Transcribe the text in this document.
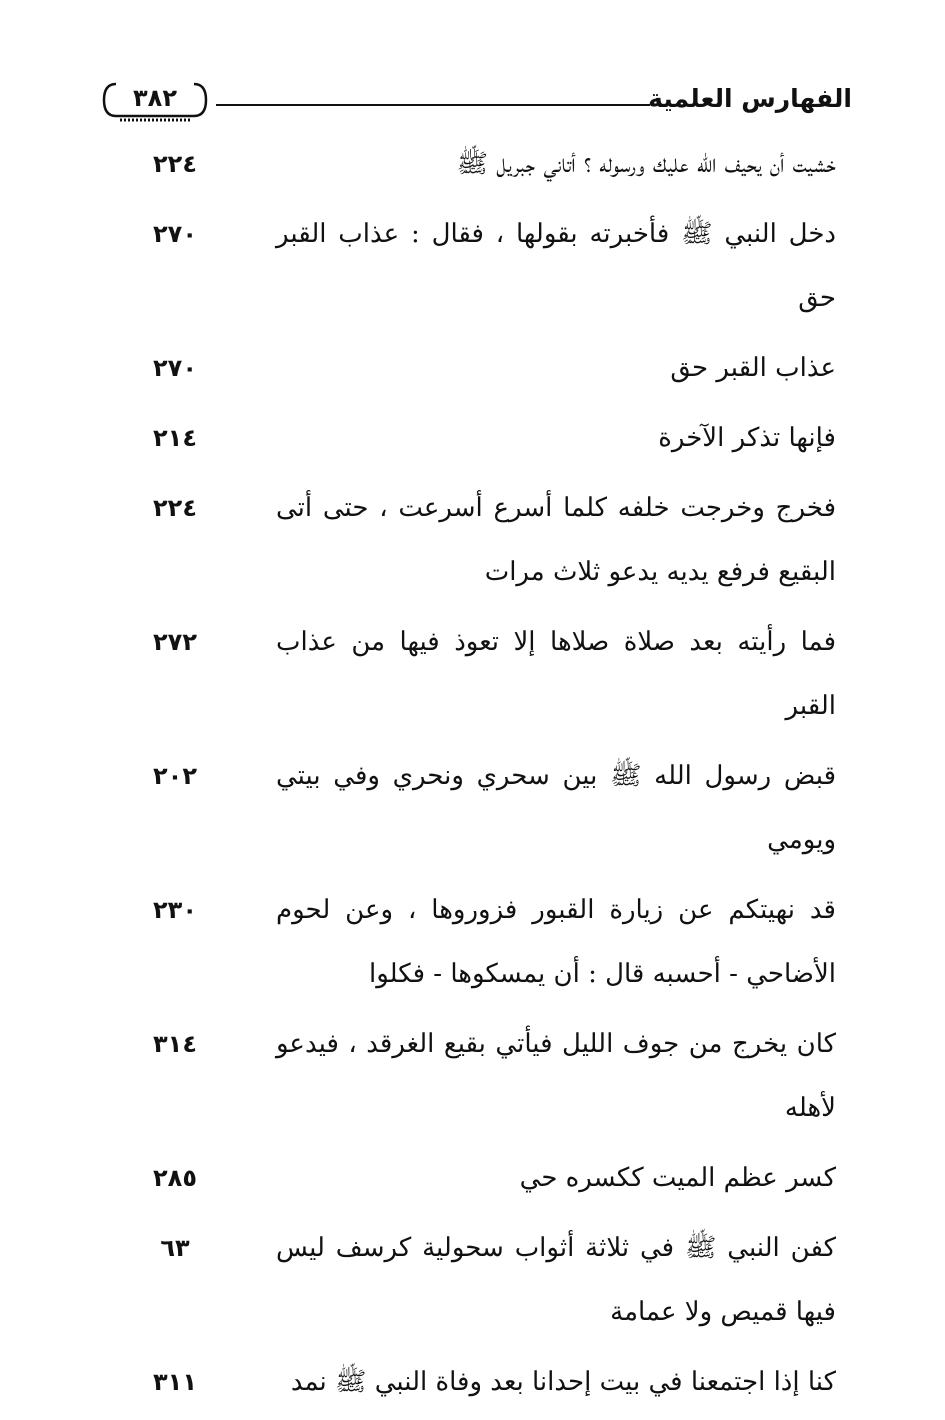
الفهارس العلمية
٣٨٢
خشيت أن يحيف الله عليك ورسوله ؟ أتاني جبريل ﷺ
٢٢٤
دخل النبي ﷺ فأخبرته بقولها ، فقال : عذاب القبر حق
٢٧٠
عذاب القبر حق
٢٧٠
فإنها تذكر الآخرة
٢١٤
فخرج وخرجت خلفه كلما أسرع أسرعت ، حتى أتى البقيع فرفع يديه يدعو ثلاث مرات
٢٢٤
فما رأيته بعد صلاة صلاها إلا تعوذ فيها من عذاب القبر
٢٧٢
قبض رسول الله ﷺ بين سحري ونحري وفي بيتي ويومي
٢٠٢
قد نهيتكم عن زيارة القبور فزوروها ، وعن لحوم الأضاحي - أحسبه قال : أن يمسكوها - فكلوا
٢٣٠
كان يخرج من جوف الليل فيأتي بقيع الغرقد ، فيدعو لأهله
٣١٤
كسر عظم الميت ككسره حي
٢٨٥
كفن النبي ﷺ في ثلاثة أثواب سحولية كرسف ليس فيها قميص ولا عمامة
٦٣
كنا إذا اجتمعنا في بيت إحدانا بعد وفاة النبي ﷺ نمد
٣١١
